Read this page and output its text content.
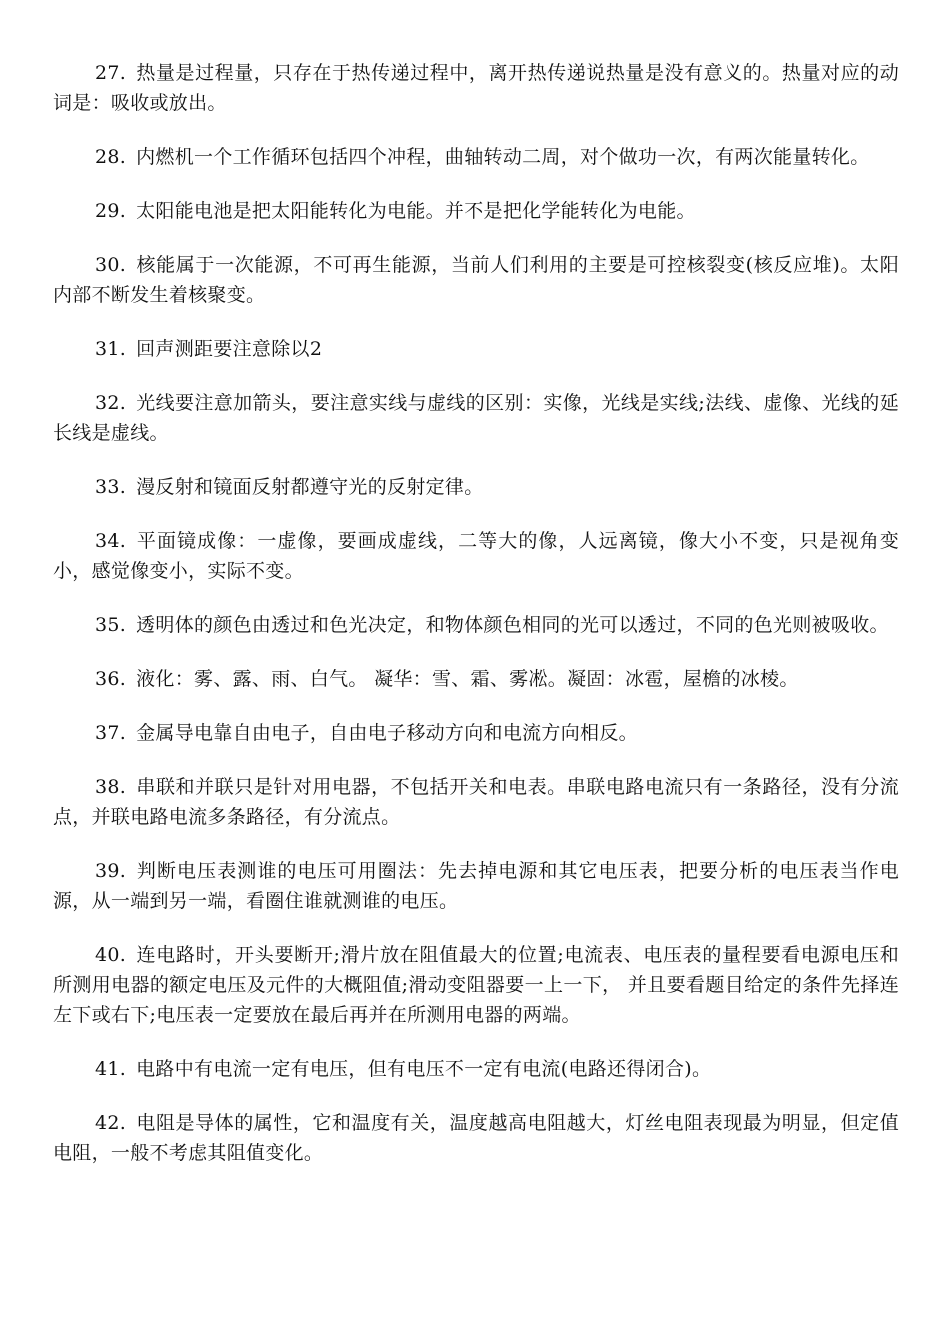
27. 热量是过程量，只存在于热传递过程中，离开热传递说热量是没有意义的。热量对应的动词是：吸收或放出。

28. 内燃机一个工作循环包括四个冲程，曲轴转动二周，对个做功一次，有两次能量转化。

29. 太阳能电池是把太阳能转化为电能。并不是把化学能转化为电能。

30. 核能属于一次能源，不可再生能源，当前人们利用的主要是可控核裂变(核反应堆)。太阳内部不断发生着核聚变。

31. 回声测距要注意除以2

32. 光线要注意加箭头，要注意实线与虚线的区别：实像，光线是实线;法线、虚像、光线的延长线是虚线。

33. 漫反射和镜面反射都遵守光的反射定律。

34. 平面镜成像：一虚像，要画成虚线，二等大的像，人远离镜，像大小不变，只是视角变小，感觉像变小，实际不变。

35. 透明体的颜色由透过和色光决定，和物体颜色相同的光可以透过，不同的色光则被吸收。

36. 液化：雾、露、雨、白气。 凝华：雪、霜、雾凇。凝固：冰雹，屋檐的冰棱。

37. 金属导电靠自由电子，自由电子移动方向和电流方向相反。

38. 串联和并联只是针对用电器，不包括开关和电表。串联电路电流只有一条路径，没有分流点，并联电路电流多条路径，有分流点。

39. 判断电压表测谁的电压可用圈法：先去掉电源和其它电压表，把要分析的电压表当作电源，从一端到另一端，看圈住谁就测谁的电压。

40. 连电路时，开头要断开;滑片放在阻值最大的位置;电流表、电压表的量程要看电源电压和所测用电器的额定电压及元件的大概阻值;滑动变阻器要一上一下， 并且要看题目给定的条件先择连左下或右下;电压表一定要放在最后再并在所测用电器的两端。

41. 电路中有电流一定有电压，但有电压不一定有电流(电路还得闭合)。

42. 电阻是导体的属性，它和温度有关，温度越高电阻越大，灯丝电阻表现最为明显，但定值电阻，一般不考虑其阻值变化。
